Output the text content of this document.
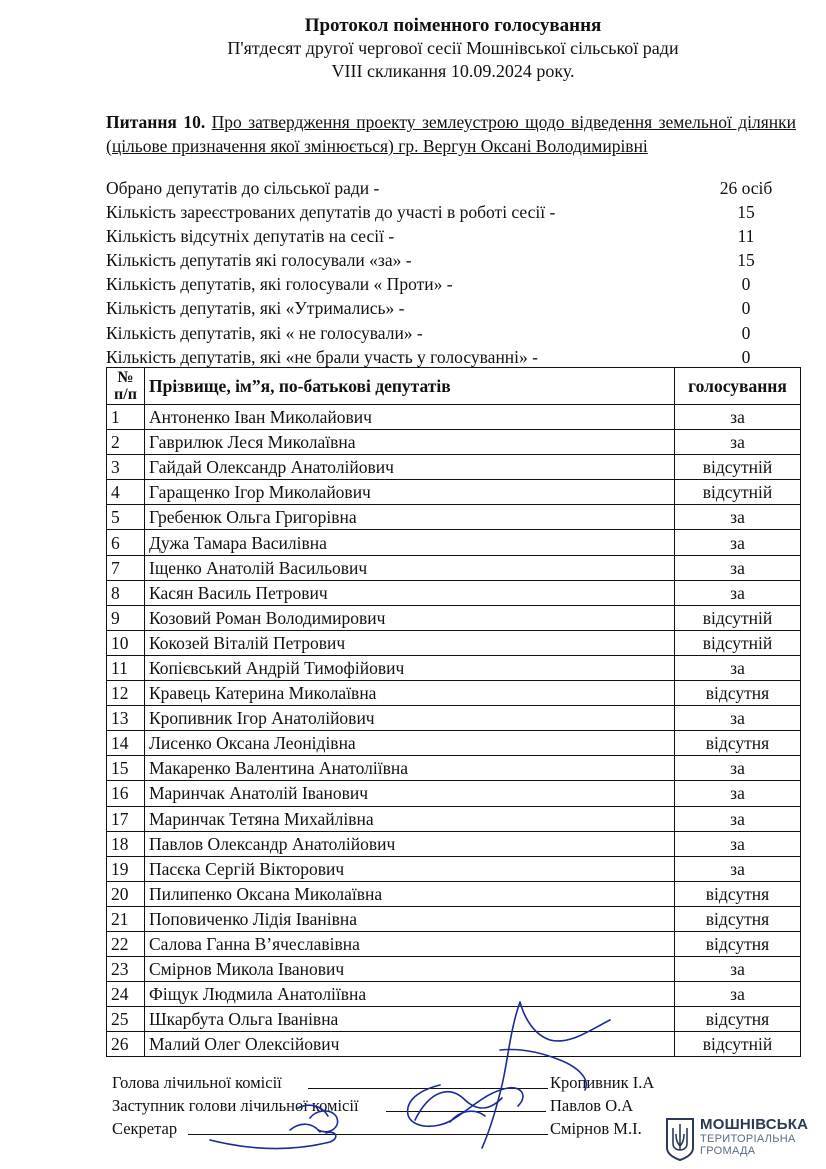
Протокол поіменного голосування
П'ятдесят другої чергової сесії Мошнівської сільської ради
VIII скликання 10.09.2024 року.
Питання 10. Про затвердження проекту землеустрою щодо відведення земельної ділянки (цільове призначення якої змінюється) гр. Вергун Оксані Володимирівні
Обрано депутатів до сільської ради -	26 осіб
Кількість зареєстрованих депутатів до участі в роботі сесії -	15
Кількість відсутніх депутатів на сесії -	11
Кількість депутатів які голосували «за» -	15
Кількість депутатів, які голосували « Проти» -	0
Кількість депутатів, які «Утримались» -	0
Кількість депутатів, які « не голосували» -	0
Кількість депутатів, які «не брали участь у голосуванні» -	0
№
п/п	Прізвище, ім”я, по-батькові депутатів	голосування
1	Антоненко Іван Миколайович	за
2	Гаврилюк Леся Миколаївна	за
3	Гайдай Олександр Анатолійович	відсутній
4	Гаращенко Ігор Миколайович	відсутній
5	Гребенюк Ольга Григорівна	за
6	Дужа Тамара Василівна	за
7	Іщенко Анатолій Васильович	за
8	Касян Василь Петрович	за
9	Козовий Роман Володимирович	відсутній
10	Кокозей Віталій Петрович	відсутній
11	Копієвський Андрій Тимофійович	за
12	Кравець Катерина Миколаївна	відсутня
13	Кропивник Ігор Анатолійович	за
14	Лисенко Оксана Леонідівна	відсутня
15	Макаренко Валентина Анатоліївна	за
16	Маринчак Анатолій Іванович	за
17	Маринчак Тетяна Михайлівна	за
18	Павлов Олександр Анатолійович	за
19	Пасєка Сергій Вікторович	за
20	Пилипенко Оксана Миколаївна	відсутня
21	Поповиченко Лідія Іванівна	відсутня
22	Салова Ганна В’ячеславівна	відсутня
23	Смірнов Микола Іванович	за
24	Фіщук Людмила Анатоліївна	за
25	Шкарбута Ольга Іванівна	відсутня
26	Малий Олег Олексійович	відсутній
Голова лічильної комісії	Кропивник І.А
Заступник голови лічильної комісії	Павлов О.А
Секретар	Смірнов М.І.	МОШНІВСЬКА
ТЕРИТОРІАЛЬНА
ГРОМАДА
